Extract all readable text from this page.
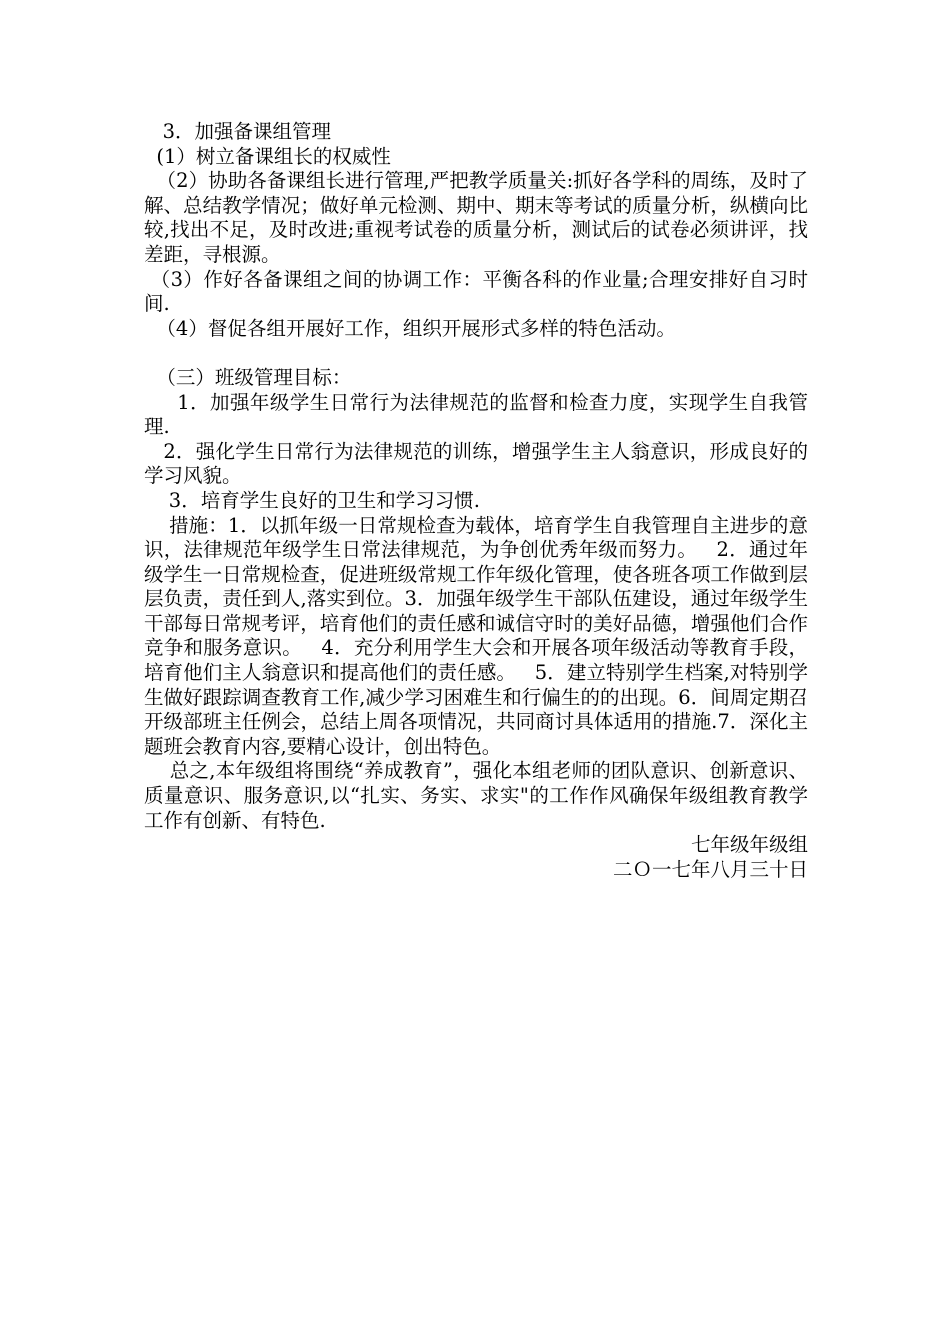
3．加强备课组管理

(1）树立备课组长的权威性

（2）协助各备课组长进行管理,严把教学质量关:抓好各学科的周练，及时了解、总结教学情况；做好单元检测、期中、期末等考试的质量分析，纵横向比较,找出不足，及时改进;重视考试卷的质量分析，测试后的试卷必须讲评，找差距，寻根源。

（3）作好各备课组之间的协调工作：平衡各科的作业量;合理安排好自习时间.

（4）督促各组开展好工作，组织开展形式多样的特色活动。

（三）班级管理目标：

1．加强年级学生日常行为法律规范的监督和检查力度，实现学生自我管理.

2．强化学生日常行为法律规范的训练，增强学生主人翁意识，形成良好的学习风貌。

3．培育学生良好的卫生和学习习惯.

措施：1．以抓年级一日常规检查为载体，培育学生自我管理自主进步的意识，法律规范年级学生日常法律规范，为争创优秀年级而努力。   2．通过年级学生一日常规检查，促进班级常规工作年级化管理，使各班各项工作做到层层负责，责任到人,落实到位。3．加强年级学生干部队伍建设，通过年级学生干部每日常规考评，培育他们的责任感和诚信守时的美好品德，增强他们合作竞争和服务意识。   4．充分利用学生大会和开展各项年级活动等教育手段，培育他们主人翁意识和提高他们的责任感。   5．建立特别学生档案,对特别学生做好跟踪调查教育工作,减少学习困难生和行偏生的的出现。6．间周定期召开级部班主任例会，总结上周各项情况，共同商讨具体适用的措施.7．深化主题班会教育内容,要精心设计，创出特色。

总之,本年级组将围绕“养成教育”，强化本组老师的团队意识、创新意识、质量意识、服务意识,以“扎实、务实、求实"的工作作风确保年级组教育教学工作有创新、有特色.

七年级年级组

二Ｏ一七年八月三十日
